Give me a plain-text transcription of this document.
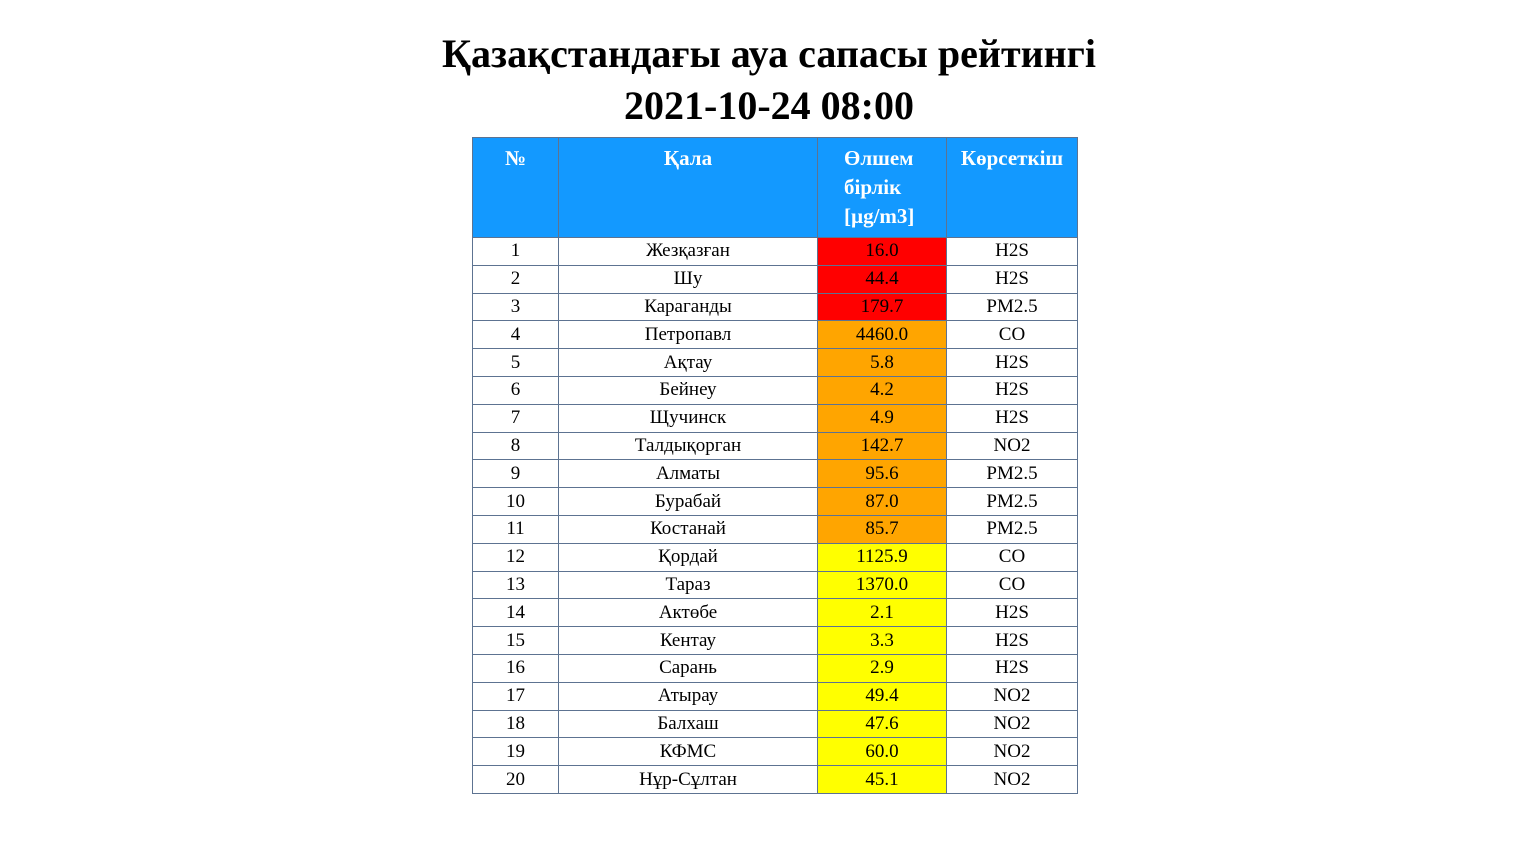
Қазақстандағы ауа сапасы рейтингі
2021-10-24 08:00
№	Қала	Өлшем бірлік [µg/m3]	Көрсеткіш
1	Жезқазған	16.0	H2S
2	Шу	44.4	H2S
3	Караганды	179.7	PM2.5
4	Петропавл	4460.0	CO
5	Ақтау	5.8	H2S
6	Бейнеу	4.2	H2S
7	Щучинск	4.9	H2S
8	Талдықорган	142.7	NO2
9	Алматы	95.6	PM2.5
10	Бурабай	87.0	PM2.5
11	Костанай	85.7	PM2.5
12	Қордай	1125.9	CO
13	Тараз	1370.0	CO
14	Актөбе	2.1	H2S
15	Кентау	3.3	H2S
16	Сарань	2.9	H2S
17	Атырау	49.4	NO2
18	Балхаш	47.6	NO2
19	КФМС	60.0	NO2
20	Нұр-Сұлтан	45.1	NO2
